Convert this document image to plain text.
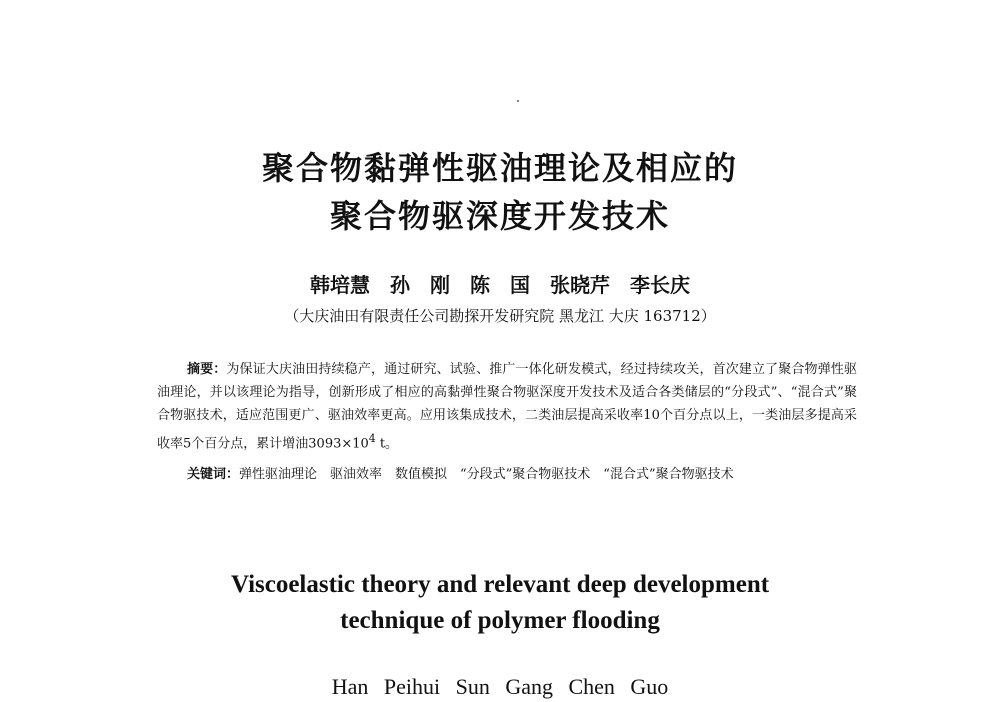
聚合物黏弹性驱油理论及相应的
聚合物驱深度开发技术

韩培慧　孙　刚　陈　国　张晓芹　李长庆

（大庆油田有限责任公司勘探开发研究院 黑龙江 大庆 163712）

摘要：为保证大庆油田持续稳产，通过研究、试验、推广一体化研发模式，经过持续攻关，首次建立了聚合物弹性驱油理论，并以该理论为指导，创新形成了相应的高黏弹性聚合物驱深度开发技术及适合各类储层的“分段式”、“混合式”聚合物驱技术，适应范围更广、驱油效率更高。应用该集成技术，二类油层提高采收率10个百分点以上，一类油层多提高采收率5个百分点，累计增油$3093\times 10^4$ t。

关键词：弹性驱油理论　驱油效率　数值模拟　“分段式”聚合物驱技术　“混合式”聚合物驱技术

Viscoelastic theory and relevant deep development
technique of polymer flooding

Han Peihui Sun Gang Chen Guo
